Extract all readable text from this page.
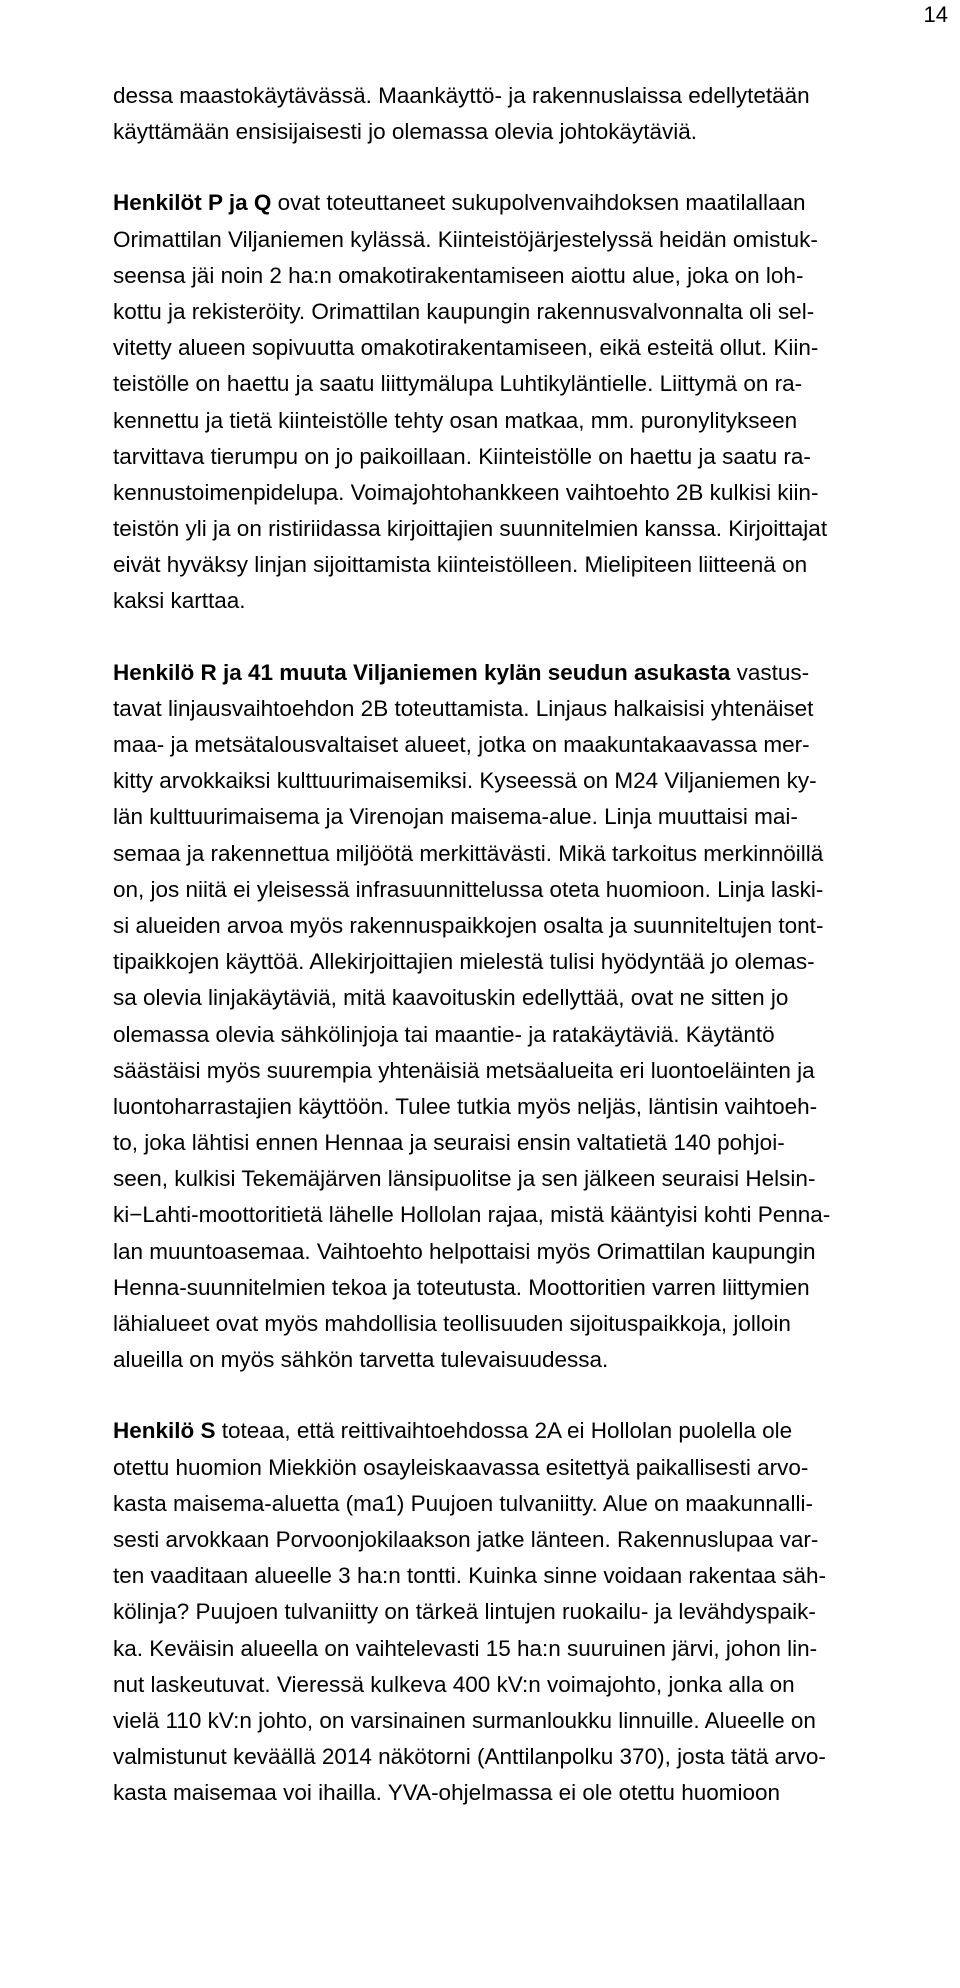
14
dessa maastokäytävässä. Maankäyttö- ja rakennuslaissa edellytetään
käyttämään ensisijaisesti jo olemassa olevia johtokäytäviä.
Henkilöt P ja Q ovat toteuttaneet sukupolvenvaihdoksen maatilallaan
Orimattilan Viljaniemen kylässä. Kiinteistöjärjestelyssä heidän omistuk-
seensa jäi noin 2 ha:n omakotirakentamiseen aiottu alue, joka on loh-
kottu ja rekisteröity. Orimattilan kaupungin rakennusvalvonnalta oli sel-
vitetty alueen sopivuutta omakotirakentamiseen, eikä esteitä ollut. Kiin-
teistölle on haettu ja saatu liittymälupa Luhtikyläntielle. Liittymä on ra-
kennettu ja tietä kiinteistölle tehty osan matkaa, mm. puronylitykseen
tarvittava tierumpu on jo paikoillaan. Kiinteistölle on haettu ja saatu ra-
kennustoimenpidelupa. Voimajohtohankkeen vaihtoehto 2B kulkisi kiin-
teistön yli ja on ristiriidassa kirjoittajien suunnitelmien kanssa. Kirjoittajat
eivät hyväksy linjan sijoittamista kiinteistölleen. Mielipiteen liitteenä on
kaksi karttaa.
Henkilö R ja 41 muuta Viljaniemen kylän seudun asukasta vastus-
tavat linjausvaihtoehdon 2B toteuttamista. Linjaus halkaisisi yhtenäiset
maa- ja metsätalousvaltaiset alueet, jotka on maakuntakaavassa mer-
kitty arvokkaiksi kulttuurimaisemiksi. Kyseessä on M24 Viljaniemen ky-
län kulttuurimaisema ja Virenojan maisema-alue. Linja muuttaisi mai-
semaa ja rakennettua miljöötä merkittävästi. Mikä tarkoitus merkinnöillä
on, jos niitä ei yleisessä infrasuunnittelussa oteta huomioon. Linja laski-
si alueiden arvoa myös rakennuspaikkojen osalta ja suunniteltujen tont-
tipaikkojen käyttöä. Allekirjoittajien mielestä tulisi hyödyntää jo olemas-
sa olevia linjakäytäviä, mitä kaavoituskin edellyttää, ovat ne sitten jo
olemassa olevia sähkölinjoja tai maantie- ja ratakäytäviä. Käytäntö
säästäisi myös suurempia yhtenäisiä metsäalueita eri luontoeläinten ja
luontoharrastajien käyttöön. Tulee tutkia myös neljäs, läntisin vaihtoeh-
to, joka lähtisi ennen Hennaa ja seuraisi ensin valtatietä 140 pohjoi-
seen, kulkisi Tekemäjärven länsipuolitse ja sen jälkeen seuraisi Helsin-
ki−Lahti-moottoritietä lähelle Hollolan rajaa, mistä kääntyisi kohti Penna-
lan muuntoasemaa. Vaihtoehto helpottaisi myös Orimattilan kaupungin
Henna-suunnitelmien tekoa ja toteutusta. Moottoritien varren liittymien
lähialueet ovat myös mahdollisia teollisuuden sijoituspaikkoja, jolloin
alueilla on myös sähkön tarvetta tulevaisuudessa.
Henkilö S toteaa, että reittivaihtoehdossa 2A ei Hollolan puolella ole
otettu huomion Miekkiön osayleiskaavassa esitettyä paikallisesti arvo-
kasta maisema-aluetta (ma1) Puujoen tulvaniitty. Alue on maakunnalli-
sesti arvokkaan Porvoonjokilaakson jatke länteen. Rakennuslupaa var-
ten vaaditaan alueelle 3 ha:n tontti. Kuinka sinne voidaan rakentaa säh-
kölinja? Puujoen tulvaniitty on tärkeä lintujen ruokailu- ja levähdyspaik-
ka. Keväisin alueella on vaihtelevasti 15 ha:n suuruinen järvi, johon lin-
nut laskeutuvat. Vieressä kulkeva 400 kV:n voimajohto, jonka alla on
vielä 110 kV:n johto, on varsinainen surmanloukku linnuille. Alueelle on
valmistunut keväällä 2014 näkötorni (Anttilanpolku 370), josta tätä arvo-
kasta maisemaa voi ihailla. YVA-ohjelmassa ei ole otettu huomioon
